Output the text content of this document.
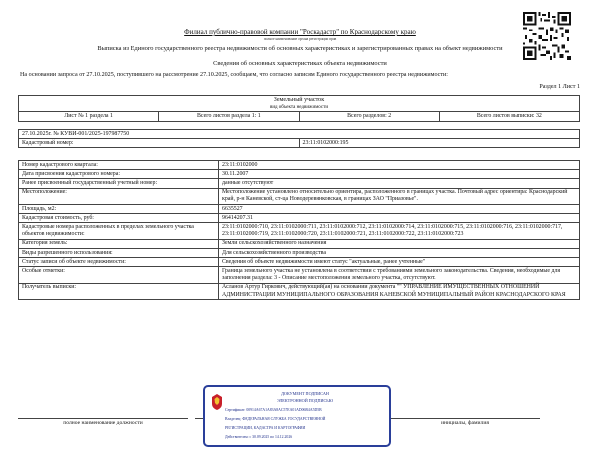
Филиал публично-правовой компании "Роскадастр" по Краснодарскому краю
полное наименование органа регистрации прав
Выписка из Единого государственного реестра недвижимости об основных характеристиках и зарегистрированных правах на объект недвижимости
Сведения об основных характеристиках объекта недвижимости
На основании запроса от 27.10.2025, поступившего на рассмотрение 27.10.2025, сообщаем, что согласно записям Единого государственного реестра недвижимости:
Раздел 1 Лист 1
Земельный участок
вид объекта недвижимости

Лист № 1 раздела 1	Всего листов раздела 1: 1	Всего разделов: 2	Всего листов выписки: 32
27.10.2025г. № КУВИ-001/2025-197987750
Кадастровый номер:	23:11:0102000:195
Номер кадастрового квартала:	23:11:0102000
Дата присвоения кадастрового номера:	30.11.2007
Ранее присвоенный государственный учетный номер:	данные отсутствуют
Местоположение:	Местоположение установлено относительно ориентира, расположенного в границах участка. Почтовый адрес ориентира: Краснодарский край, р-н Каневской, ст-ца Новодеревянковская, в границах ЗАО "Приазовье".
Площадь, м2:	6635527
Кадастровая стоимость, руб:	96414207.31
Кадастровые номера расположенных в пределах земельного участка объектов недвижимости:	23:11:0102000:710, 23:11:0102000:711, 23:11:0102000:712, 23:11:0102000:714, 23:11:0102000:715, 23:11:0102000:716, 23:11:0102000:717, 23:11:0102000:719, 23:11:0102000:720, 23:11:0102000:721, 23:11:0102000:722, 23:11:0102000:723
Категория земель:	Земли сельскохозяйственного назначения
Виды разрешенного использования:	Для сельскохозяйственного производства
Статус записи об объекте недвижимости:	Сведения об объекте недвижимости имеют статус "актуальные, ранее учтенные"
Особые отметки:	Граница земельного участка не установлена в соответствии с требованиями земельного законодательства. Сведения, необходимые для заполнения раздела: 3 - Описание местоположения земельного участка, отсутствуют.
Получатель выписки:	Асланов Артур Гиркович, действующий(ая) на основании документа "" УПРАВЛЕНИЕ ИМУЩЕСТВЕННЫХ ОТНОШЕНИЙ АДМИНИСТРАЦИИ МУНИЦИПАЛЬНОГО ОБРАЗОВАНИЯ КАНЕВСКОЙ МУНИЦИПАЛЬНЫЙ РАЙОН КРАСНОДАРСКОГО КРАЯ
полное наименование должности	инициалы, фамилия
ДОКУМЕНТ ПОДПИСАН
ЭЛЕКТРОННОЙ ПОДПИСЬЮ
Сертификат: 00914A67A1A83A8AC57EA01AD06B4A5D5B
Владелец: ФЕДЕРАЛЬНАЯ СЛУЖБА ГОСУДАРСТВЕННОЙ
РЕГИСТРАЦИИ, КАДАСТРА И КАРТОГРАФИИ
Действителен: с 30.09.2025 по 14.12.2026
